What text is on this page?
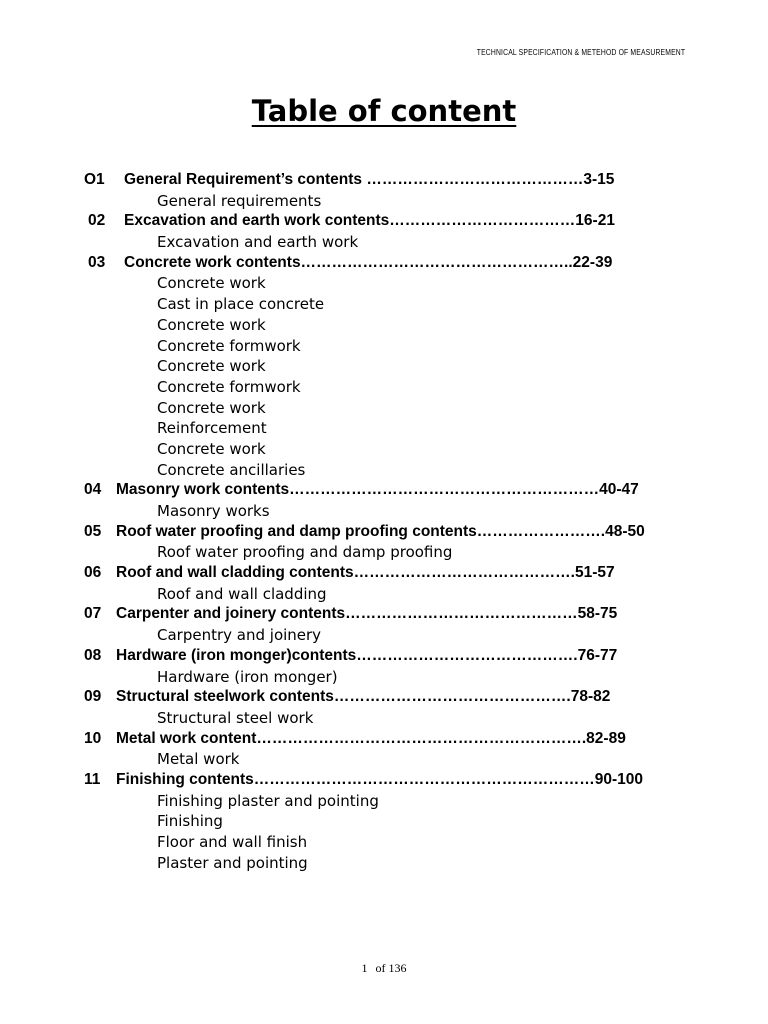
TECHNICAL SPECIFICATION & METEHOD OF MEASUREMENT
Table of content
O1 General Requirement’s contents ……………………………………3-15
General requirements
02 Excavation and earth work contents………………………………16-21
Excavation and earth work
03 Concrete work contents……………………………………………..22-39
Concrete work
Cast in place concrete
Concrete work
Concrete formwork
Concrete work
Concrete formwork
Concrete work
Reinforcement
Concrete work
Concrete ancillaries
04 Masonry work contents……………………………………………………40-47
Masonry works
05 Roof water proofing and damp proofing contents…………………….48-50
Roof water proofing and damp proofing
06 Roof and wall cladding contents…………………………………….51-57
Roof and wall cladding
07 Carpenter and joinery contents………………………………………58-75
Carpentry and joinery
08 Hardware (iron monger)contents…………………………………….76-77
Hardware (iron monger)
09 Structural steelwork contents……………………………………….78-82
Structural steel work
10 Metal work content……………………………………………………….82-89
Metal work
11 Finishing contents…………………………………………………………90-100
Finishing plaster and pointing
Finishing
Floor and wall finish
Plaster and pointing
1 of 136
